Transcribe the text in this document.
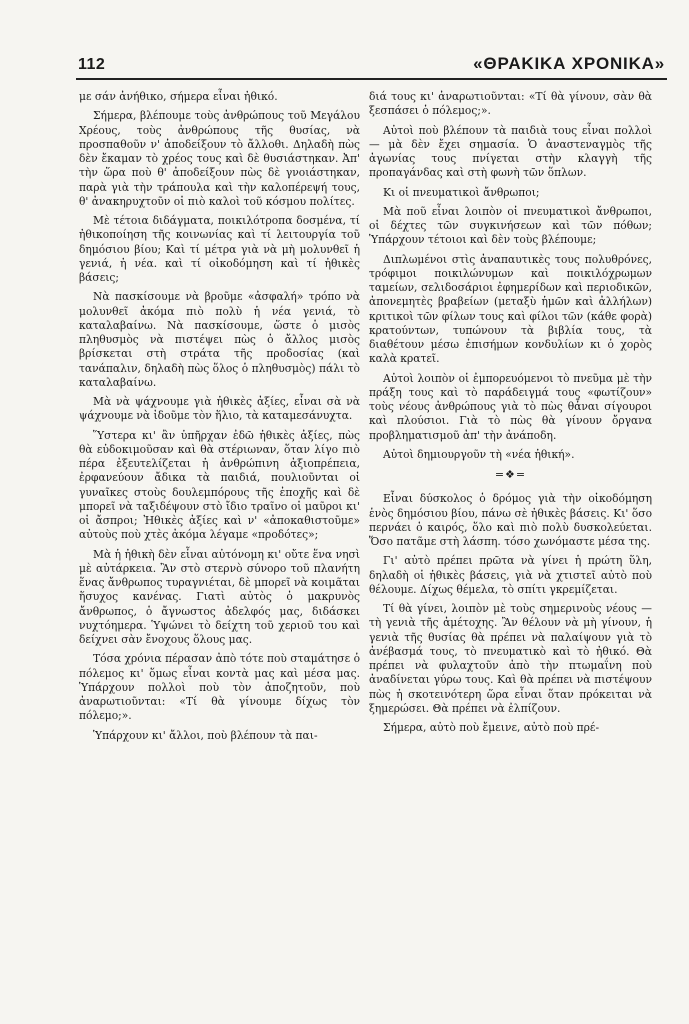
112	«ΘΡΑΚΙΚΑ ΧΡΟΝΙΚΑ»

με σάν ἀνήθικο, σήμερα εἶναι ἠθικό.

Σήμερα, βλέπουμε τοὺς ἀνθρώπους τοῦ Μεγάλου Χρέους, τοὺς ἀνθρώπους τῆς θυσίας, νὰ προσπαθοῦν ν' ἀποδείξουν τὸ ἄλλοθι. Δηλαδὴ πὼς δὲν ἔκαμαν τὸ χρέος τους καὶ δὲ θυσιάστηκαν. Ἀπ' τὴν ὥρα ποὺ θ' ἀποδείξουν πὼς δὲ γνοιάστηκαν, παρὰ γιὰ τὴν τράπουλα καὶ τὴν καλοπέρεψή τους, θ' ἀνακηρυχτοῦν οἱ πιὸ καλοὶ τοῦ κόσμου πολίτες.

Μὲ τέτοια διδάγματα, ποικιλότροπα δοσμένα, τί ἠθικοποίηση τῆς κοινωνίας καὶ τί λειτουργία τοῦ δημόσιου βίου; Καὶ τί μέτρα γιὰ νὰ μὴ μολυνθεῖ ἡ γενιά, ἡ νέα. καὶ τί οἰκοδόμηση καὶ τί ἠθικὲς βάσεις;

Νὰ πασκίσουμε νὰ βροῦμε «ἀσφαλή» τρόπο νὰ μολυνθεῖ ἀκόμα πιὸ πολὺ ἡ νέα γενιά, τὸ καταλαβαίνω. Νὰ πασκίσουμε, ὥστε ὁ μισὸς πληθυσμὸς νὰ πιστέψει πὼς ὁ ἄλλος μισὸς βρίσκεται στὴ στράτα τῆς προδοσίας (καὶ τανάπαλιν, δηλαδὴ πὼς ὅλος ὁ πληθυσμὸς) πάλι τὸ καταλαβαίνω.

Μὰ νὰ ψάχνουμε γιὰ ἠθικὲς ἀξίες, εἶναι σὰ νὰ ψάχνουμε νὰ ἰδοῦμε τὸν ἥλιο, τὰ καταμεσάνυχτα.

Ὕστερα κι' ἂν ὑπῆρχαν ἐδῶ ἠθικὲς ἀξίες, πὼς θὰ εὐδοκιμοῦσαν καὶ θὰ στέριωναν, ὅταν λίγο πιὸ πέρα ἐξευτελίζεται ἡ ἀνθρώπινη ἀξιοπρέπεια, ἐρφανεύουν ἄδικα τὰ παιδιά, πουλιοῦνται οἱ γυναῖκες στοὺς δουλεμπόρους τῆς ἐποχῆς καὶ δὲ μπορεῖ νὰ ταξιδέψουν στὸ ἴδιο τραῖνο οἱ μαῦροι κι' οἱ ἄσπροι; Ἠθικὲς ἀξίες καὶ ν' «ἀποκαθιστοῦμε» αὐτοὺς ποὺ χτὲς ἀκόμα λέγαμε «προδότες»;

Μὰ ἡ ἠθικὴ δὲν εἶναι αὐτόνομη κι' οὔτε ἕνα νησὶ μὲ αὐτάρκεια. Ἂν στὸ στερνὸ σύνορο τοῦ πλανήτη ἕνας ἄνθρωπος τυραγνιέται, δὲ μπορεῖ νὰ κοιμᾶται ἥσυχος κανένας. Γιατὶ αὐτὸς ὁ μακρυνὸς ἄνθρωπος, ὁ ἄγνωστος ἀδελφός μας, διδάσκει νυχτόημερα. Ὑψώνει τὸ δείχτη τοῦ χεριοῦ του καὶ δείχνει σὰν ἔνοχους ὅλους μας.

Τόσα χρόνια πέρασαν ἀπὸ τότε ποὺ σταμάτησε ὁ πόλεμος κι' ὅμως εἶναι κοντὰ μας καὶ μέσα μας. Ὑπάρχουν πολλοὶ ποὺ τὸν ἀποζητοῦν, ποὺ ἀναρωτιοῦνται: «Τί θὰ γίνουμε δίχως τὸν πόλεμο;».

Ὑπάρχουν κι' ἄλλοι, ποὺ βλέπουν τὰ παι-

διά τους κι' ἀναρωτιοῦνται: «Τί θὰ γίνουν, σὰν θὰ ξεσπάσει ὁ πόλεμος;».

Αὐτοὶ ποὺ βλέπουν τὰ παιδιὰ τους εἶναι πολλοὶ — μὰ δὲν ἔχει σημασία. Ὁ ἀναστεναγμὸς τῆς ἀγωνίας τους πνίγεται στὴν κλαγγὴ τῆς προπαγάνδας καὶ στὴ φωνὴ τῶν ὅπλων.

Κι οἱ πνευματικοὶ ἄνθρωποι;

Μὰ ποῦ εἶναι λοιπὸν οἱ πνευματικοὶ ἄνθρωποι, οἱ δέχτες τῶν συγκινήσεων καὶ τῶν πόθων; Ὑπάρχουν τέτοιοι καὶ δὲν τοὺς βλέπουμε;

Διπλωμένοι στὶς ἀναπαυτικὲς τους πολυθρόνες, τρόφιμοι ποικιλώνυμων καὶ ποικιλόχρωμων ταμείων, σελιδοσάριοι ἐφημερίδων καὶ περιοδικῶν, ἀπονεμητὲς βραβείων (μεταξὺ ἡμῶν καὶ ἀλλήλων) κριτικοὶ τῶν φίλων τους καὶ φίλοι τῶν (κάθε φορὰ) κρατούντων, τυπώνουν τὰ βιβλία τους, τὰ διαθέτουν μέσω ἐπισήμων κονδυλίων κι ὁ χορὸς καλὰ κρατεῖ.

Αὐτοὶ λοιπὸν οἱ ἐμπορευόμενοι τὸ πνεῦμα μὲ τὴν πράξη τους καὶ τὸ παράδειγμά τους «φωτίζουν» τοὺς νέους ἀνθρώπους γιὰ τὸ πὼς θἆναι σίγουροι καὶ πλούσιοι. Γιὰ τὸ πὼς θὰ γίνουν ὄργανα προβληματισμοῦ ἀπ' τὴν ἀνάποδη.

Αὐτοὶ δημιουργοῦν τὴ «νέα ἠθική».

=❖=

Εἶναι δύσκολος ὁ δρόμος γιὰ τὴν οἰκοδόμηση ἑνὸς δημόσιου βίου, πάνω σὲ ἠθικὲς βάσεις. Κι' ὅσο περνάει ὁ καιρός, ὅλο καὶ πιὸ πολὺ δυσκολεύεται. Ὅσο πατᾶμε στὴ λάσπη. τόσο χωνόμαστε μέσα της.

Γι' αὐτὸ πρέπει πρῶτα νὰ γίνει ἡ πρώτη ὕλη, δηλαδὴ οἱ ἠθικὲς βάσεις, γιὰ νὰ χτιστεῖ αὐτὸ ποὺ θέλουμε. Δίχως θέμελα, τὸ σπίτι γκρεμίζεται.

Τί θὰ γίνει, λοιπὸν μὲ τοὺς σημερινοὺς νέους —τὴ γενιὰ τῆς ἀμέτοχης. Ἂν θέλουν νὰ μὴ γίνουν, ἡ γενιὰ τῆς θυσίας θὰ πρέπει νὰ παλαίψουν γιὰ τὸ ἀνέβασμά τους, τὸ πνευματικὸ καὶ τὸ ἠθικό. Θὰ πρέπει νὰ φυλαχτοῦν ἀπὸ τὴν πτωμαΐνη ποὺ ἀναδίνεται γύρω τους. Καὶ θὰ πρέπει νὰ πιστέψουν πὼς ἡ σκοτεινότερη ὥρα εἶναι ὅταν πρόκειται νὰ ξημερώσει. Θὰ πρέπει νὰ ἐλπίζουν.

Σήμερα, αὐτὸ ποὺ ἔμεινε, αὐτὸ ποὺ πρέ-
